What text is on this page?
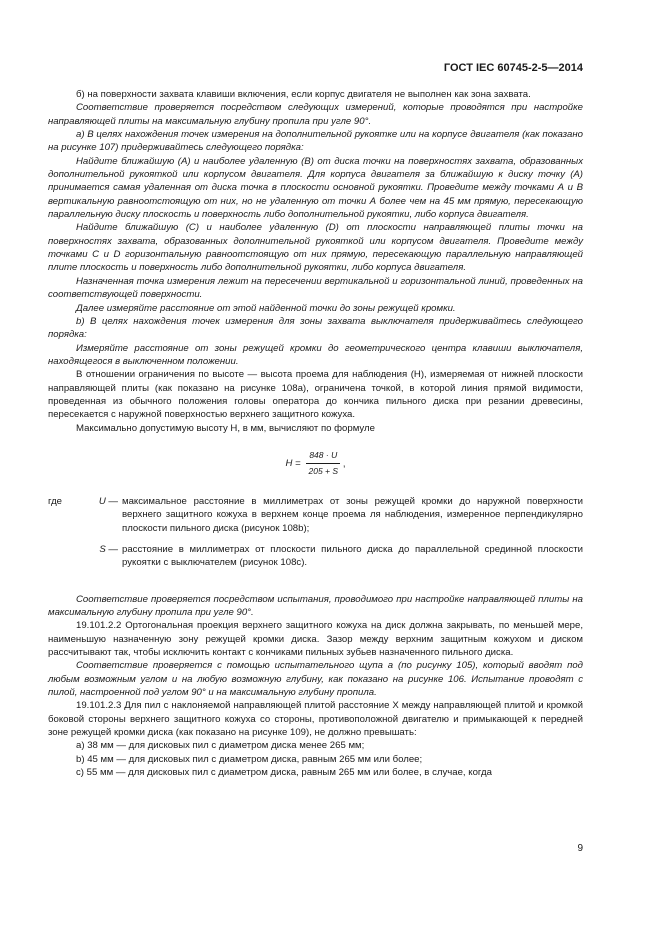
ГОСТ IEC 60745-2-5—2014

б) на поверхности захвата клавиши включения, если корпус двигателя не выполнен как зона захвата.

Соответствие проверяется посредством следующих измерений, которые проводятся при настройке направляющей плиты на максимальную глубину пропила при угле 90°.

а) В целях нахождения точек измерения на дополнительной рукоятке или на корпусе двигателя (как показано на рисунке 107) придерживайтесь следующего порядка:

Найдите ближайшую (А) и наиболее удаленную (В) от диска точки на поверхностях захвата, образованных дополнительной рукояткой или корпусом двигателя. Для корпуса двигателя за ближайшую к диску точку (А) принимается самая удаленная от диска точка в плоскости основной рукоятки. Проведите между точками А и В вертикальную равноотстоящую от них, но не удаленную от точки А более чем на 45 мм прямую, пересекающую параллельную диску плоскость и поверхность либо дополнительной рукоятки, либо корпуса двигателя.

Найдите ближайшую (С) и наиболее удаленную (D) от плоскости направляющей плиты точки на поверхностях захвата, образованных дополнительной рукояткой или корпусом двигателя. Проведите между точками С и D горизонтальную равноотстоящую от них прямую, пересекающую параллельную направляющей плите плоскость и поверхность либо дополнительной рукоятки, либо корпуса двигателя.

Назначенная точка измерения лежит на пересечении вертикальной и горизонтальной линий, проведенных на соответствующей поверхности.

Далее измеряйте расстояние от этой найденной точки до зоны режущей кромки.

b) В целях нахождения точек измерения для зоны захвата выключателя придерживайтесь следующего порядка:

Измеряйте расстояние от зоны режущей кромки до геометрического центра клавиши выключателя, находящегося в выключенном положении.

В отношении ограничения по высоте — высота проема для наблюдения (Н), измеряемая от нижней плоскости направляющей плиты (как показано на рисунке 108а), ограничена точкой, в которой линия прямой видимости, проведенная из обычного положения головы оператора до кончика пильного диска при резании древесины, пересекается с наружной поверхностью верхнего защитного кожуха.

Максимально допустимую высоту Н, в мм, вычисляют по формуле

$H = \frac{848 \cdot U}{205 + S}$ ,
где	U — максимальное расстояние в миллиметрах от зоны режущей кромки до наружной поверхности верхнего защитного кожуха в верхнем конце проема ля наблюдения, измеренное перпендикулярно плоскости пильного диска (рисунок 108b);
S — расстояние в миллиметрах от плоскости пильного диска до параллельной срединной плоскости рукоятки с выключателем (рисунок 108с).

Соответствие проверяется посредством испытания, проводимого при настройке направляющей плиты на максимальную глубину пропила при угле 90°.

19.101.2.2 Ортогональная проекция верхнего защитного кожуха на диск должна закрывать, по меньшей мере, наименьшую назначенную зону режущей кромки диска. Зазор между верхним защитным кожухом и диском рассчитывают так, чтобы исключить контакт с кончиками пильных зубьев назначенного пильного диска.

Соответствие проверяется с помощью испытательного щупа а (по рисунку 105), который вводят под любым возможным углом и на любую возможную глубину, как показано на рисунке 106. Испытание проводят с пилой, настроенной под углом 90° и на максимальную глубину пропила.

19.101.2.3 Для пил с наклоняемой направляющей плитой расстояние X между направляющей плитой и кромкой боковой стороны верхнего защитного кожуха со стороны, противоположной двигателю и примыкающей к передней зоне режущей кромки диска (как показано на рисунке 109), не должно превышать:

а) 38 мм — для дисковых пил с диаметром диска менее 265 мм;

b) 45 мм — для дисковых пил с диаметром диска, равным 265 мм или более;

с) 55 мм — для дисковых пил с диаметром диска, равным 265 мм или более, в случае, когда

9
